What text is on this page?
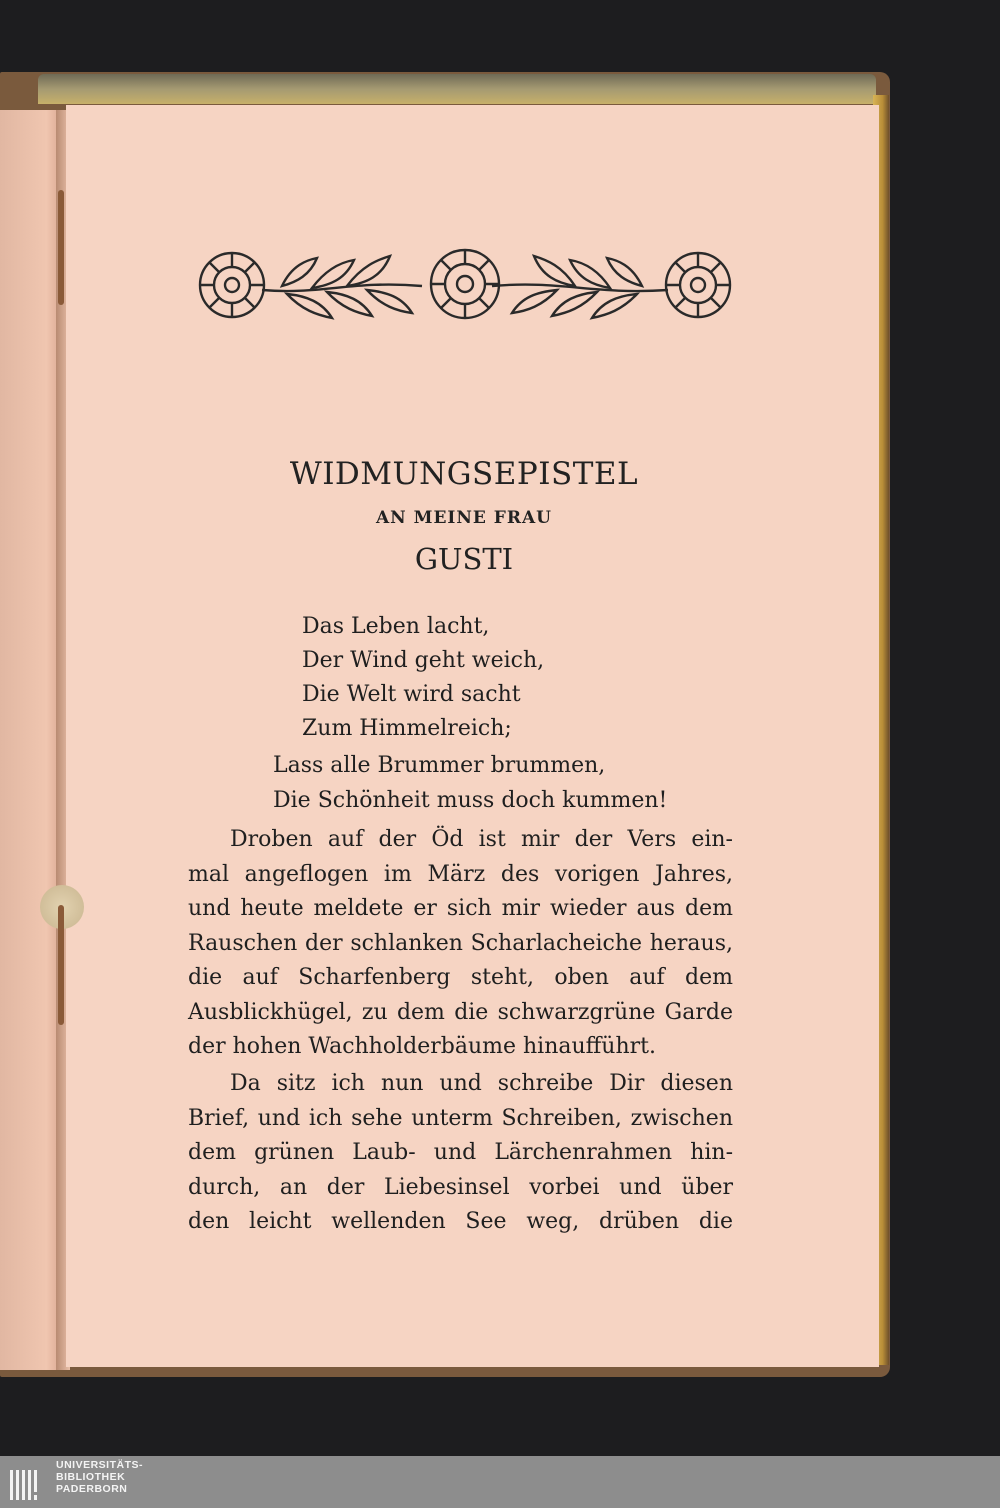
WIDMUNGSEPISTEL
AN MEINE FRAU
GUSTI
Das Leben lacht,
Der Wind geht weich,
Die Welt wird sacht
Zum Himmelreich;
Lass alle Brummer brummen,
Die Schönheit muss doch kummen!

Droben auf der Öd ist mir der Vers ein-

mal angeflogen im März des vorigen Jahres,

und heute meldete er sich mir wieder aus dem

Rauschen der schlanken Scharlacheiche heraus,

die auf Scharfenberg steht, oben auf dem

Ausblickhügel, zu dem die schwarzgrüne Garde

der hohen Wachholderbäume hinaufführt.

Da sitz ich nun und schreibe Dir diesen

Brief, und ich sehe unterm Schreiben, zwischen

dem grünen Laub- und Lärchenrahmen hin-

durch, an der Liebesinsel vorbei und über

den leicht wellenden See weg, drüben die

UNIVERSITÄTS-
BIBLIOTHEK
PADERBORN
